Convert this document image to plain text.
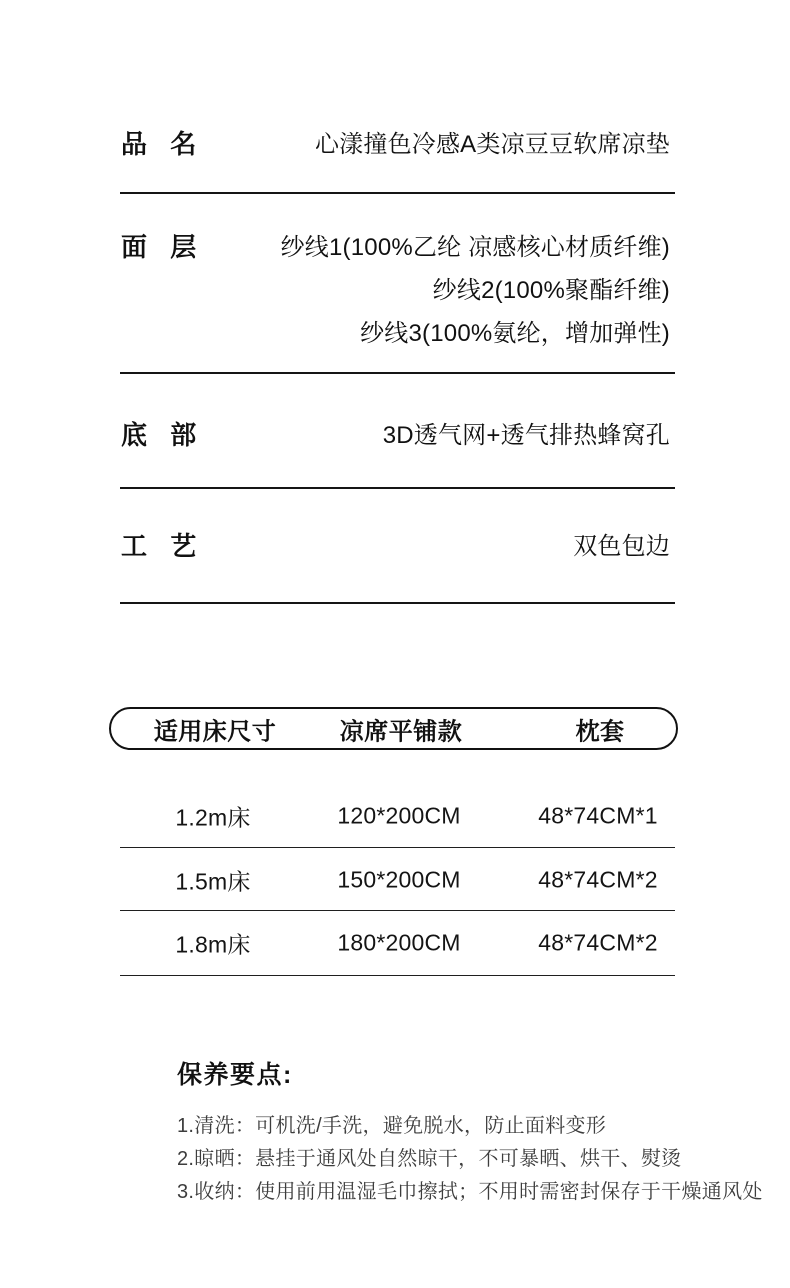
品 名	心漾撞色冷感A类凉豆豆软席凉垫
面 层	纱线1(100%乙纶 凉感核心材质纤维)
纱线2(100%聚酯纤维)
纱线3(100%氨纶，增加弹性)
底 部	3D透气网+透气排热蜂窝孔
工 艺	双色包边
适用床尺寸	凉席平铺款	枕套
1.2m床	120*200CM	48*74CM*1
1.5m床	150*200CM	48*74CM*2
1.8m床	180*200CM	48*74CM*2
保养要点:
1.清洗：可机洗/手洗，避免脱水，防止面料变形
2.晾晒：悬挂于通风处自然晾干，不可暴晒、烘干、熨烫
3.收纳：使用前用温湿毛巾擦拭；不用时需密封保存于干燥通风处
